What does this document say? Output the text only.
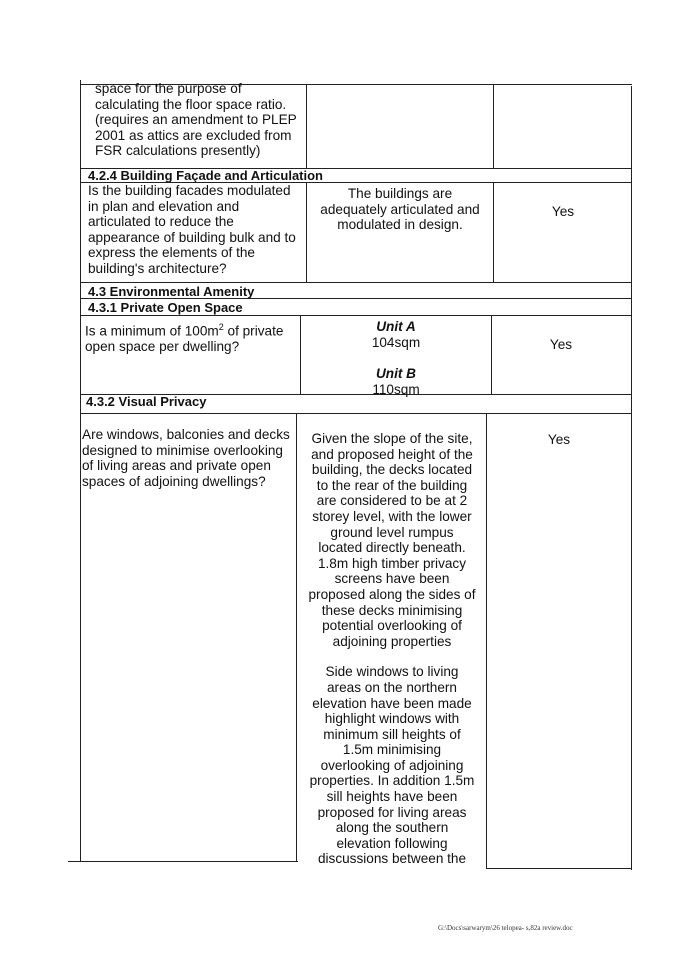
space for the purpose of
calculating the floor space ratio.
(requires an amendment to PLEP
2001 as attics are excluded from
FSR calculations presently)
4.2.4 Building Façade and Articulation
Is the building facades modulated
in plan and elevation and
articulated to reduce the
appearance of building bulk and to
express the elements of the
building's architecture?
The buildings are
adequately articulated and
modulated in design.
Yes
4.3 Environmental Amenity
4.3.1 Private Open Space
Is a minimum of $100m^2$ of private
open space per dwelling?
Unit A
104sqm
Unit B
110sqm
Yes
4.3.2 Visual Privacy
Are windows, balconies and decks
designed to minimise overlooking
of living areas and private open
spaces of adjoining dwellings?
Given the slope of the site,
and proposed height of the
building, the decks located
to the rear of the building
are considered to be at 2
storey level, with the lower
ground level rumpus
located directly beneath.
1.8m high timber privacy
screens have been
proposed along the sides of
these decks minimising
potential overlooking of
adjoining properties
Side windows to living
areas on the northern
elevation have been made
highlight windows with
minimum sill heights of
1.5m minimising
overlooking of adjoining
properties. In addition 1.5m
sill heights have been
proposed for living areas
along the southern
elevation following
discussions between the
Yes
G:\Docs\sarwarym\26 telopea- s,82a review.doc
